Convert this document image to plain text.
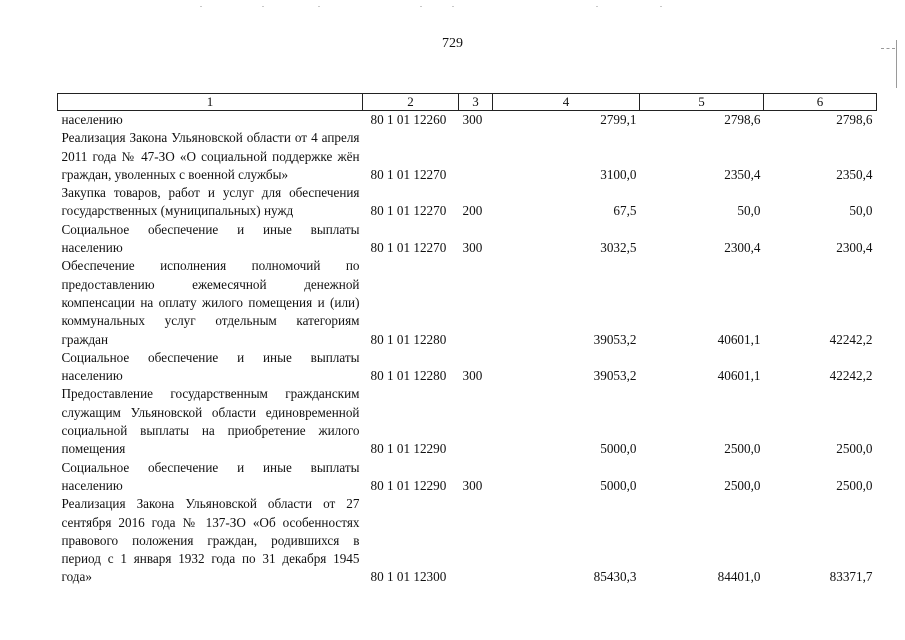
729
1	2	3	4	5	6
населению	80 1 01 12260	300	2799,1	2798,6	2798,6
Реализация Закона Ульяновской области от 4 апреля 2011 года № 47-ЗО «О социальной поддержке жён граждан, уволенных с военной службы»	80 1 01 12270		3100,0	2350,4	2350,4
Закупка товаров, работ и услуг для обеспечения государственных (муниципальных) нужд	80 1 01 12270	200	67,5	50,0	50,0
Социальное обеспечение и иные выплаты населению	80 1 01 12270	300	3032,5	2300,4	2300,4
Обеспечение исполнения полномочий по предоставлению ежемесячной денежной компенсации на оплату жилого помещения и (или) коммунальных услуг отдельным категориям граждан	80 1 01 12280		39053,2	40601,1	42242,2
Социальное обеспечение и иные выплаты населению	80 1 01 12280	300	39053,2	40601,1	42242,2
Предоставление государственным гражданским служащим Ульяновской области единовременной социальной выплаты на приобретение жилого помещения	80 1 01 12290		5000,0	2500,0	2500,0
Социальное обеспечение и иные выплаты населению	80 1 01 12290	300	5000,0	2500,0	2500,0
Реализация Закона Ульяновской области от 27 сентября 2016 года № 137-ЗО «Об особенностях правового положения граждан, родившихся в период с 1 января 1932 года по 31 декабря 1945 года»	80 1 01 12300		85430,3	84401,0	83371,7
